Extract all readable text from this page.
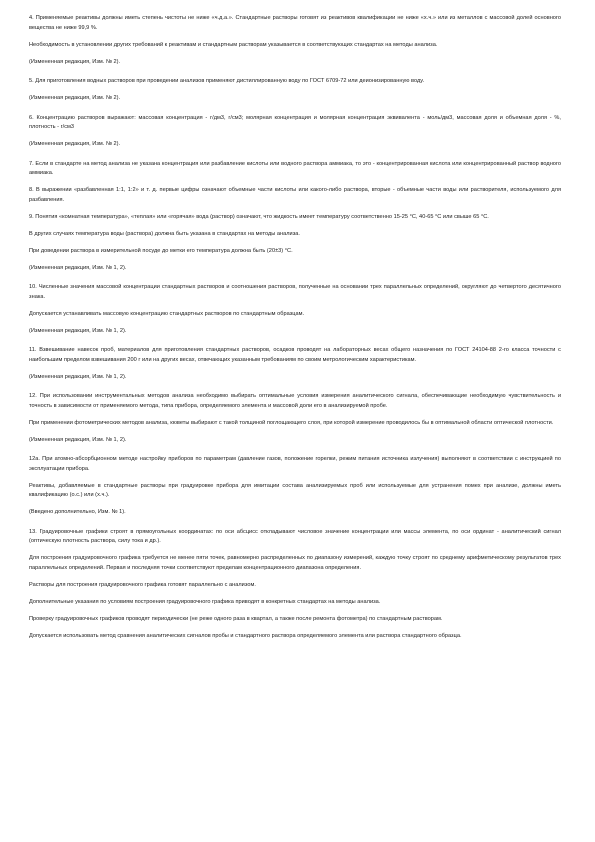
4. Применяемые реактивы должны иметь степень чистоты не ниже «ч.д.а.». Стандартные растворы готовят из реактивов квалификации не ниже «х.ч.» или из металлов с массовой долей основного вещества не ниже 99,9 %.

Необходимость в установлении других требований к реактивам и стандартным растворам указывается в соответствующих стандартах на методы анализа.

(Измененная редакция, Изм. № 2).

5. Для приготовления водных растворов при проведении анализов применяют дистиллированную воду по ГОСТ 6709-72 или деионизированную воду.

(Измененная редакция, Изм. № 2).

6. Концентрацию растворов выражают: массовая концентрация - г/дм3, г/см3; молярная концентрация и молярная концентрация эквивалента - моль/дм3, массовая доля и объемная доля - %, плотность - г/см3

(Измененная редакция, Изм. № 2).

7. Если в стандарте на метод анализа не указана концентрация или разбавление кислоты или водного раствора аммиака, то это - концентрированная кислота или концентрированный раствор водного аммиака.

8. В выражении «разбавленная 1:1, 1:2» и т. д. первые цифры означают объемные части кислоты или какого-либо раствора, вторые - объемные части воды или растворителя, используемого для разбавления.

9. Понятия «комнатная температура», «теплая» или «горячая» вода (раствор) означают, что жидкость имеет температуру соответственно 15-25 °С, 40-65 °С или свыше 65 °С.

В других случаях температура воды (раствора) должна быть указана в стандартах на методы анализа.

При доведении раствора в измерительной посуде до метки его температура должна быть (20±3) °С.

(Измененная редакция, Изм. № 1, 2).

10. Численные значения массовой концентрации стандартных растворов и соотношения растворов, полученные на основании трех параллельных определений, округляют до четвертого десятичного знака.

Допускается устанавливать массовую концентрацию стандартных растворов по стандартным образцам.

(Измененная редакция, Изм. № 1, 2).

11. Взвешивание навесок проб, материалов для приготовления стандартных растворов, осадков проводят на лабораторных весах общего назначения по ГОСТ 24104-88 2-го класса точности с наибольшим пределом взвешивания 200 г или на других весах, отвечающих указанным требованиям по своим метрологическим характеристикам.

(Измененная редакция, Изм. № 1, 2).

12. При использовании инструментальных методов анализа необходимо выбирать оптимальные условия измерения аналитического сигнала, обеспечивающие необходимую чувствительность и точность в зависимости от применяемого метода, типа прибора, определяемого элемента и массовой доли его в анализируемой пробе.

При применении фотометрических методов анализа, кюветы выбирают с такой толщиной поглощающего слоя, при которой измерение проводилось бы в оптимальной области оптической плотности.

(Измененная редакция, Изм. № 1, 2).

12а. При атомно-абсорбционном методе настройку приборов по параметрам (давление газов, положение горелки, режим питания источника излучения) выполняют в соответствии с инструкцией по эксплуатации прибора.

Реактивы, добавляемые в стандартные растворы при градуировке прибора для имитации состава анализируемых проб или используемые для устранения помех при анализе, должны иметь квалификацию (о.с.) или (х.ч.).

(Введено дополнительно, Изм. № 1).

13. Градуировочные графики строят в прямоугольных координатах: по оси абсцисс откладывают числовое значение концентрации или массы элемента, по оси ординат - аналитический сигнал (оптическую плотность раствора, силу тока и др.).

Для построения градуировочного графика требуется не менее пяти точек, равномерно распределенных по диапазону измерений, каждую точку строят по среднему арифметическому результатов трех параллельных определений. Первая и последняя точки соответствуют пределам концентрационного диапазона определения.

Растворы для построения градуировочного графика готовят параллельно с анализом.

Дополнительные указания по условиям построения градуировочного графика приводят в конкретных стандартах на методы анализа.

Проверку градуировочных графиков проводят периодически (не реже одного раза в квартал, а также после ремонта фотометра) по стандартным растворам.

Допускается использовать метод сравнения аналитических сигналов пробы и стандартного раствора определяемого элемента или раствора стандартного образца.
